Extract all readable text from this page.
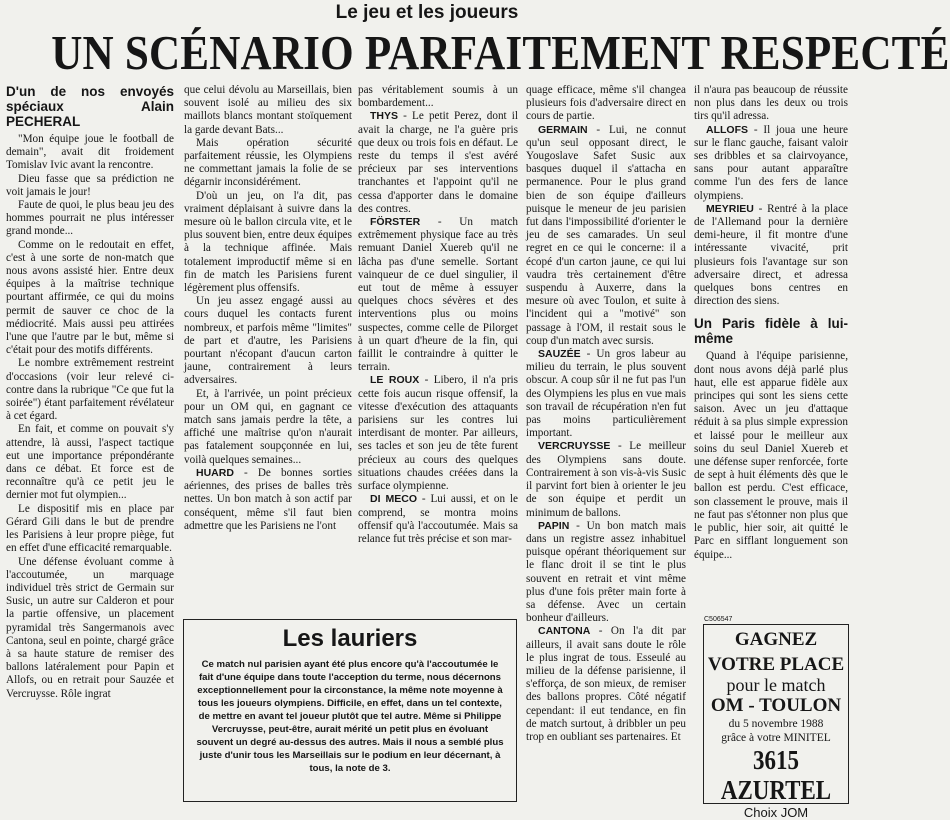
Le jeu et les joueurs
UN SCÉNARIO PARFAITEMENT RESPECTÉ
D'un de nos envoyés spéciaux Alain PECHERAL

"Mon équipe joue le football de demain", avait dit froidement Tomislav Ivic avant la rencontre.

Dieu fasse que sa prédiction ne voit jamais le jour!

Faute de quoi, le plus beau jeu des hommes pourrait ne plus intéresser grand monde...

Comme on le redoutait en effet, c'est à une sorte de non-match que nous avons assisté hier. Entre deux équipes à la maîtrise technique pourtant affirmée, ce qui du moins permit de sauver ce choc de la médiocrité. Mais aussi peu attirées l'une que l'autre par le but, même si c'était pour des motifs différents.

Le nombre extrêmement restreint d'occasions (voir leur relevé ci-contre dans la rubrique "Ce que fut la soirée") étant parfaitement révélateur à cet égard.

En fait, et comme on pouvait s'y attendre, là aussi, l'aspect tactique eut une importance prépondérante dans ce débat. Et force est de reconnaître qu'à ce petit jeu le dernier mot fut olympien...

Le dispositif mis en place par Gérard Gili dans le but de prendre les Parisiens à leur propre piège, fut en effet d'une efficacité remarquable.

Une défense évoluant comme à l'accoutumée, un marquage individuel très strict de Germain sur Susic, un autre sur Calderon et pour la partie offensive, un placement pyramidal très Sangermanois avec Cantona, seul en pointe, chargé grâce à sa haute stature de remiser des ballons latéralement pour Papin et Allofs, ou en retrait pour Sauzée et Vercruysse. Rôle ingrat

que celui dévolu au Marseillais, bien souvent isolé au milieu des six maillots blancs montant stoïquement la garde devant Bats...

Mais opération sécurité parfaitement réussie, les Olympiens ne commettant jamais la folie de se dégarnir inconsidérément.

D'où un jeu, on l'a dit, pas vraiment déplaisant à suivre dans la mesure où le ballon circula vite, et le plus souvent bien, entre deux équipes à la technique affinée. Mais totalement improductif même si en fin de match les Parisiens furent légèrement plus offensifs.

Un jeu assez engagé aussi au cours duquel les contacts furent nombreux, et parfois même "limites" de part et d'autre, les Parisiens pourtant n'écopant d'aucun carton jaune, contrairement à leurs adversaires.

Et, à l'arrivée, un point précieux pour un OM qui, en gagnant ce match sans jamais perdre la tête, a affiché une maîtrise qu'on n'aurait pas fatalement soupçonnée en lui, voilà quelques semaines...

HUARD - De bonnes sorties aériennes, des prises de balles très nettes. Un bon match à son actif par conséquent, même s'il faut bien admettre que les Parisiens ne l'ont

pas véritablement soumis à un bombardement...

THYS - Le petit Perez, dont il avait la charge, ne l'a guère pris que deux ou trois fois en défaut. Le reste du temps il s'est avéré précieux par ses interventions tranchantes et l'appoint qu'il ne cessa d'apporter dans le domaine des contres.

FÖRSTER - Un match extrêmement physique face au très remuant Daniel Xuereb qu'il ne lâcha pas d'une semelle. Sortant vainqueur de ce duel singulier, il eut tout de même à essuyer quelques chocs sévères et des interventions plus ou moins suspectes, comme celle de Pilorget à un quart d'heure de la fin, qui faillit le contraindre à quitter le terrain.

LE ROUX - Libero, il n'a pris cette fois aucun risque offensif, la vitesse d'exécution des attaquants parisiens sur les contres lui interdisant de monter. Par ailleurs, ses tacles et son jeu de tête furent précieux au cours des quelques situations chaudes créées dans la surface olympienne.

DI MECO - Lui aussi, et on le comprend, se montra moins offensif qu'à l'accoutumée. Mais sa relance fut très précise et son mar-

quage efficace, même s'il changea plusieurs fois d'adversaire direct en cours de partie.

GERMAIN - Lui, ne connut qu'un seul opposant direct, le Yougoslave Safet Susic aux basques duquel il s'attacha en permanence. Pour le plus grand bien de son équipe d'ailleurs puisque le meneur de jeu parisien fut dans l'impossibilité d'orienter le jeu de ses camarades. Un seul regret en ce qui le concerne: il a écopé d'un carton jaune, ce qui lui vaudra très certainement d'être suspendu à Auxerre, dans la mesure où avec Toulon, et suite à l'incident qui a "motivé" son passage à l'OM, il restait sous le coup d'un match avec sursis.

SAUZÉE - Un gros labeur au milieu du terrain, le plus souvent obscur. A coup sûr il ne fut pas l'un des Olympiens les plus en vue mais son travail de récupération n'en fut pas moins particulièrement important.

VERCRUYSSE - Le meilleur des Olympiens sans doute. Contrairement à son vis-à-vis Susic il parvint fort bien à orienter le jeu de son équipe et perdit un minimum de ballons.

PAPIN - Un bon match mais dans un registre assez inhabituel puisque opérant théoriquement sur le flanc droit il se tint le plus souvent en retrait et vint même plus d'une fois prêter main forte à sa défense. Avec un certain bonheur d'ailleurs.

CANTONA - On l'a dit par ailleurs, il avait sans doute le rôle le plus ingrat de tous. Esseulé au milieu de la défense parisienne, il s'efforça, de son mieux, de remiser des ballons propres. Côté négatif cependant: il eut tendance, en fin de match surtout, à dribbler un peu trop en oubliant ses partenaires. Et

il n'aura pas beaucoup de réussite non plus dans les deux ou trois tirs qu'il adressa.

ALLOFS - Il joua une heure sur le flanc gauche, faisant valoir ses dribbles et sa clairvoyance, sans pour autant apparaître comme l'un des fers de lance olympiens.

MEYRIEU - Rentré à la place de l'Allemand pour la dernière demi-heure, il fit montre d'une intéressante vivacité, prit plusieurs fois l'avantage sur son adversaire direct, et adressa quelques bons centres en direction des siens.

Un Paris fidèle à lui-même

Quand à l'équipe parisienne, dont nous avons déjà parlé plus haut, elle est apparue fidèle aux principes qui sont les siens cette saison. Avec un jeu d'attaque réduit à sa plus simple expression et laissé pour le meilleur aux soins du seul Daniel Xuereb et une défense super renforcée, forte de sept à huit éléments dès que le ballon est perdu. C'est efficace, son classement le prouve, mais il ne faut pas s'étonner non plus que le public, hier soir, ait quitté le Parc en sifflant longuement son équipe...

Les lauriers

Ce match nul parisien ayant été plus encore qu'à l'accoutumée le fait d'une équipe dans toute l'acception du terme, nous décernons exceptionnellement pour la circonstance, la même note moyenne à tous les joueurs olympiens. Difficile, en effet, dans un tel contexte, de mettre en avant tel joueur plutôt que tel autre. Même si Philippe Vercruysse, peut-être, aurait mérité un petit plus en évoluant souvent un degré au-dessus des autres. Mais il nous a semblé plus juste d'unir tous les Marseillais sur le podium en leur décernant, à tous, la note de 3.

C506547
GAGNEZ
VOTRE PLACE
pour le match
OM - TOULON
du 5 novembre 1988
grâce à votre MINITEL
3615 AZURTEL
Choix JOM
